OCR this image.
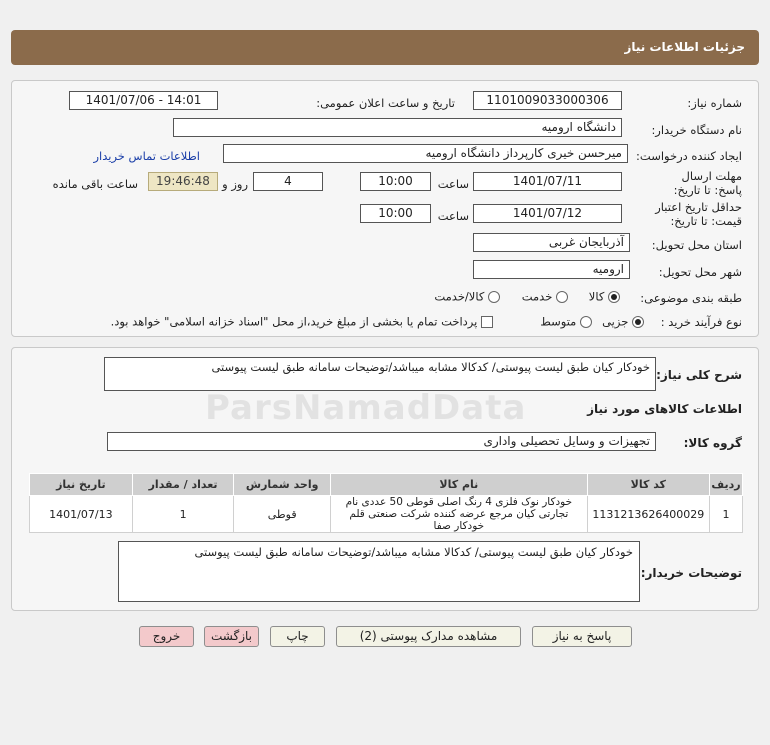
جزئیات اطلاعات نیاز
شماره نیاز:
1101009033000306
تاریخ و ساعت اعلان عمومی:
1401/07/06 - 14:01
نام دستگاه خریدار:
دانشگاه ارومیه
ایجاد کننده درخواست:
میرحسن خیری کارپرداز دانشگاه ارومیه
اطلاعات تماس خریدار
مهلت ارسال پاسخ: تا تاریخ:
1401/07/11
ساعت
10:00
4
روز و
19:46:48
ساعت باقی مانده
حداقل تاریخ اعتبار قیمت: تا تاریخ:
1401/07/12
ساعت
10:00
استان محل تحویل:
آذربایجان غربی
شهر محل تحویل:
ارومیه
طبقه بندی موضوعی:
کالا
خدمت
کالا/خدمت
نوع فرآیند خرید :
جزیی
متوسط
پرداخت تمام یا بخشی از مبلغ خرید،از محل "اسناد خزانه اسلامی" خواهد بود.
شرح کلی نیاز:
خودکار کیان طبق لیست پیوستی/ کدکالا مشابه میباشد/توضیحات سامانه طبق لیست پیوستی
ParsNamadData	اطلاعات کالاهای مورد نیاز
گروه کالا:
تجهیزات و وسایل تحصیلی واداری
ردیف	کد کالا	نام کالا	واحد شمارش	تعداد / مقدار	تاریخ نیاز
1	1131213626400029	خودکار نوک فلزی 4 رنگ اصلی قوطی 50 عددی نام تجارتی کیان مرجع عرضه کننده شرکت صنعتی قلم خودکار صفا	قوطی	1	1401/07/13
توضیحات خریدار:
خودکار کیان طبق لیست پیوستی/ کدکالا مشابه میباشد/توضیحات سامانه طبق لیست پیوستی
پاسخ به نیاز
مشاهده مدارک پیوستی (2)
چاپ
بازگشت
خروج
